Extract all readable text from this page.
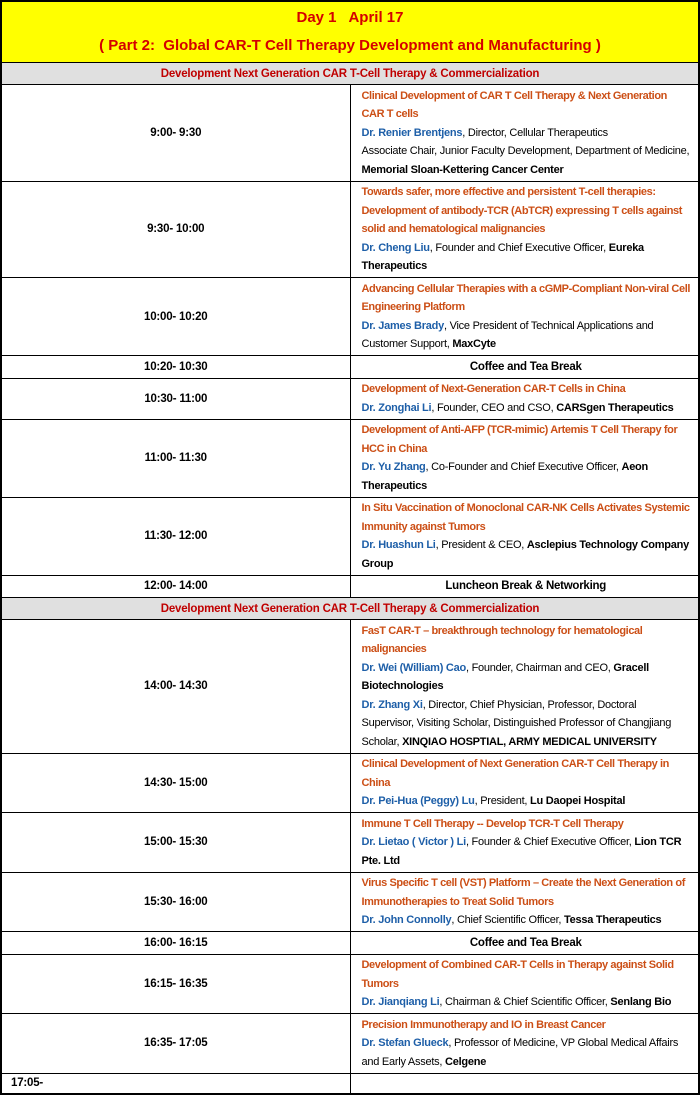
Day 1   April 17
( Part 2:  Global CAR-T Cell Therapy Development and Manufacturing )	

Development Next Generation CAR T-Cell Therapy & Commercialization	
9:00- 9:30	Clinical Development of CAR T Cell Therapy & Next Generation CAR T cells
Dr. Renier Brentjens, Director, Cellular Therapeutics
Associate Chair, Junior Faculty Development, Department of Medicine, Memorial Sloan-Kettering Cancer Center

9:30- 10:00	Towards safer, more effective and persistent T-cell therapies: Development of antibody-TCR (AbTCR) expressing T cells against solid and hematological malignancies
Dr. Cheng Liu, Founder and Chief Executive Officer, Eureka Therapeutics

10:00- 10:20	Advancing Cellular Therapies with a cGMP-Compliant Non-viral Cell Engineering Platform
Dr. James Brady, Vice President of Technical Applications and Customer Support, MaxCyte

10:20- 10:30	Coffee and Tea Break
10:30- 11:00	Development of Next-Generation CAR-T Cells in China
Dr. Zonghai Li, Founder, CEO and CSO, CARSgen Therapeutics

11:00- 11:30	Development of Anti-AFP (TCR-mimic) Artemis T Cell Therapy for HCC in China
Dr. Yu Zhang, Co-Founder and Chief Executive Officer, Aeon Therapeutics

11:30- 12:00	In Situ Vaccination of Monoclonal CAR-NK Cells Activates Systemic Immunity against Tumors
Dr. Huashun Li, President & CEO, Asclepius Technology Company Group

12:00- 14:00	Luncheon Break & Networking
Development Next Generation CAR T-Cell Therapy & Commercialization	
14:00- 14:30	FasT CAR-T – breakthrough technology for hematological malignancies
Dr. Wei (William) Cao, Founder, Chairman and CEO, Gracell Biotechnologies
Dr. Zhang Xi, Director, Chief Physician, Professor, Doctoral Supervisor, Visiting Scholar, Distinguished Professor of Changjiang Scholar, XINQIAO HOSPTIAL, ARMY MEDICAL UNIVERSITY

14:30- 15:00	Clinical Development of Next Generation CAR-T Cell Therapy in China
Dr. Pei-Hua (Peggy) Lu, President, Lu Daopei Hospital

15:00- 15:30	Immune T Cell Therapy -- Develop TCR-T Cell Therapy
Dr. Lietao ( Victor ) Li, Founder & Chief Executive Officer, Lion TCR Pte. Ltd

15:30- 16:00	Virus Specific T cell (VST) Platform – Create the Next Generation of Immunotherapies to Treat Solid Tumors
Dr. John Connolly, Chief Scientific Officer, Tessa Therapeutics

16:00- 16:15	Coffee and Tea Break
16:15- 16:35	Development of Combined CAR-T Cells in Therapy against Solid Tumors
Dr. Jianqiang Li, Chairman & Chief Scientific Officer, Senlang Bio

16:35- 17:05	Precision Immunotherapy and IO in Breast Cancer
Dr. Stefan Glueck, Professor of Medicine, VP Global Medical Affairs and Early Assets, Celgene

17:05-	
